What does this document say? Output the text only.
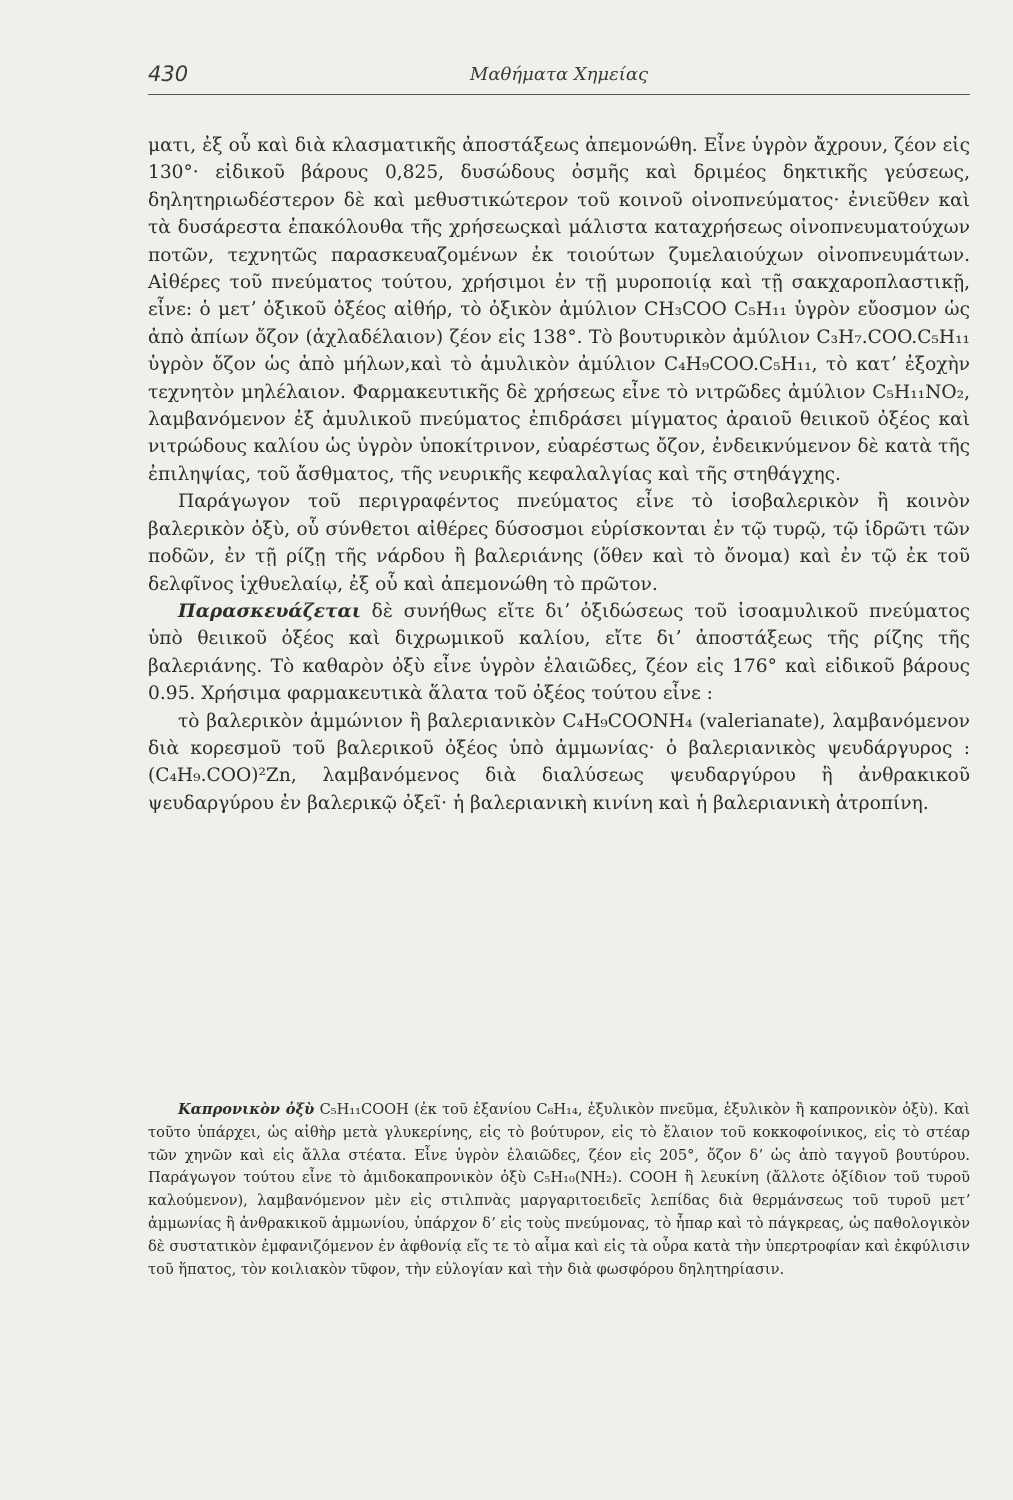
430	Μαθήματα Χημείας

ματι, ἐξ οὗ καὶ διὰ κλασματικῆς ἀποστάξεως ἀπεμονώθη. Εἶνε ὑγρὸν ἄχρουν, ζέον εἰς 130°· εἰδικοῦ βάρους 0,825, δυσώδους ὀσμῆς καὶ δριμέος δηκτικῆς γεύσεως, δηλητηριωδέστερον δὲ καὶ μεθυστικώτερον τοῦ κοινοῦ οἰνοπνεύματος· ἐνιεῦθεν καὶ τὰ δυσάρεστα ἐπακόλουθα τῆς χρήσεωςκαὶ μάλιστα καταχρήσεως οἰνοπνευματούχων ποτῶν, τεχνητῶς παρασκευαζομένων ἐκ τοιούτων ζυμελαιούχων οἰνοπνευμάτων. Αἰθέρες τοῦ πνεύματος τούτου, χρήσιμοι ἐν τῇ μυροποιίᾳ καὶ τῇ σακχαροπλαστικῇ, εἶνε: ὁ μετʼ ὀξικοῦ ὀξέος αἰθήρ, τὸ ὀξικὸν ἀμύλιον CH₃COO C₅H₁₁ ὑγρὸν εὔοσμον ὡς ἀπὸ ἀπίων ὄζον (ἀχλαδέλαιον) ζέον εἰς 138°. Τὸ βουτυρικὸν ἀμύλιον C₃H₇.COO.C₅H₁₁ ὑγρὸν ὄζον ὡς ἀπὸ μήλων,καὶ τὸ ἀμυλικὸν ἀμύλιον C₄H₉COO.C₅H₁₁, τὸ κατʼ ἐξοχὴν τεχνητὸν μηλέλαιον. Φαρμακευτικῆς δὲ χρήσεως εἶνε τὸ νιτρῶδες ἀμύλιον C₅H₁₁NO₂, λαμβανόμενον ἐξ ἀμυλικοῦ πνεύματος ἐπιδράσει μίγματος ἀραιοῦ θειικοῦ ὀξέος καὶ νιτρώδους καλίου ὡς ὑγρὸν ὑποκίτρινον, εὐαρέστως ὄζον, ἐνδεικνύμενον δὲ κατὰ τῆς ἐπιληψίας, τοῦ ἄσθματος, τῆς νευρικῆς κεφαλαλγίας καὶ τῆς στηθάγχης.

Παράγωγον τοῦ περιγραφέντος πνεύματος εἶνε τὸ ἰσοβαλερικὸν ἢ κοινὸν βαλερικὸν ὀξὺ, οὗ σύνθετοι αἰθέρες δύσοσμοι εὑρίσκονται ἐν τῷ τυρῷ, τῷ ἱδρῶτι τῶν ποδῶν, ἐν τῇ ρίζῃ τῆς νάρδου ἢ βαλεριάνης (ὅθεν καὶ τὸ ὄνομα) καὶ ἐν τῷ ἐκ τοῦ δελφῖνος ἰχθυελαίῳ, ἐξ οὗ καὶ ἀπεμονώθη τὸ πρῶτον.

Παρασκευάζεται δὲ συνήθως εἴτε διʼ ὀξιδώσεως τοῦ ἰσοαμυλικοῦ πνεύματος ὑπὸ θειικοῦ ὀξέος καὶ διχρωμικοῦ καλίου, εἴτε διʼ ἀποστάξεως τῆς ρίζης τῆς βαλεριάνης. Τὸ καθαρὸν ὀξὺ εἶνε ὑγρὸν ἐλαιῶδες, ζέον εἰς 176° καὶ εἰδικοῦ βάρους 0.95. Χρήσιμα φαρμακευτικὰ ἅλατα τοῦ ὀξέος τούτου εἶνε :

τὸ βαλερικὸν ἀμμώνιον ἢ βαλεριανικὸν C₄H₉COONH₄ (valerianate), λαμβανόμενον διὰ κορεσμοῦ τοῦ βαλερικοῦ ὀξέος ὑπὸ ἀμμωνίας· ὁ βαλεριανικὸς ψευδάργυρος : (C₄H₉.COO)²Zn, λαμβανόμενος διὰ διαλύσεως ψευδαργύρου ἢ ἀνθρακικοῦ ψευδαργύρου ἐν βαλερικῷ ὀξεῖ· ἡ βαλεριανικὴ κινίνη καὶ ἡ βαλεριανικὴ ἀτροπίνη.

Καπρονικὸν ὀξὺ C₅H₁₁COOH (ἐκ τοῦ ἑξανίου C₆H₁₄, ἑξυλικὸν πνεῦμα, ἑξυλικὸν ἢ καπρονικὸν ὀξὺ). Καὶ τοῦτο ὑπάρχει, ὡς αἰθὴρ μετὰ γλυκερίνης, εἰς τὸ βούτυρον, εἰς τὸ ἔλαιον τοῦ κοκκοφοίνικος, εἰς τὸ στέαρ τῶν χηνῶν καὶ εἰς ἄλλα στέατα. Εἶνε ὑγρὸν ἐλαιῶδες, ζέον εἰς 205°, ὄζον δʼ ὡς ἀπὸ ταγγοῦ βουτύρου. Παράγωγον τούτου εἶνε τὸ ἀμιδοκαπρονικὸν ὀξὺ C₅H₁₀(NH₂). COOH ἢ λευκίνη (ἄλλοτε ὀξίδιον τοῦ τυροῦ καλούμενον), λαμβανόμενον μὲν εἰς στιλπνὰς μαργαριτοειδεῖς λεπίδας διὰ θερμάνσεως τοῦ τυροῦ μετʼ ἀμμωνίας ἢ ἀνθρακικοῦ ἀμμωνίου, ὑπάρχον δʼ εἰς τοὺς πνεύμονας, τὸ ἧπαρ καὶ τὸ πάγκρεας, ὡς παθολογικὸν δὲ συστατικὸν ἐμφανιζόμενον ἐν ἀφθονίᾳ εἴς τε τὸ αἷμα καὶ εἰς τὰ οὖρα κατὰ τὴν ὑπερτροφίαν καὶ ἐκφύλισιν τοῦ ἥπατος, τὸν κοιλιακὸν τῦφον, τὴν εὐλογίαν καὶ τὴν διὰ φωσφόρου δηλητηρίασιν.
